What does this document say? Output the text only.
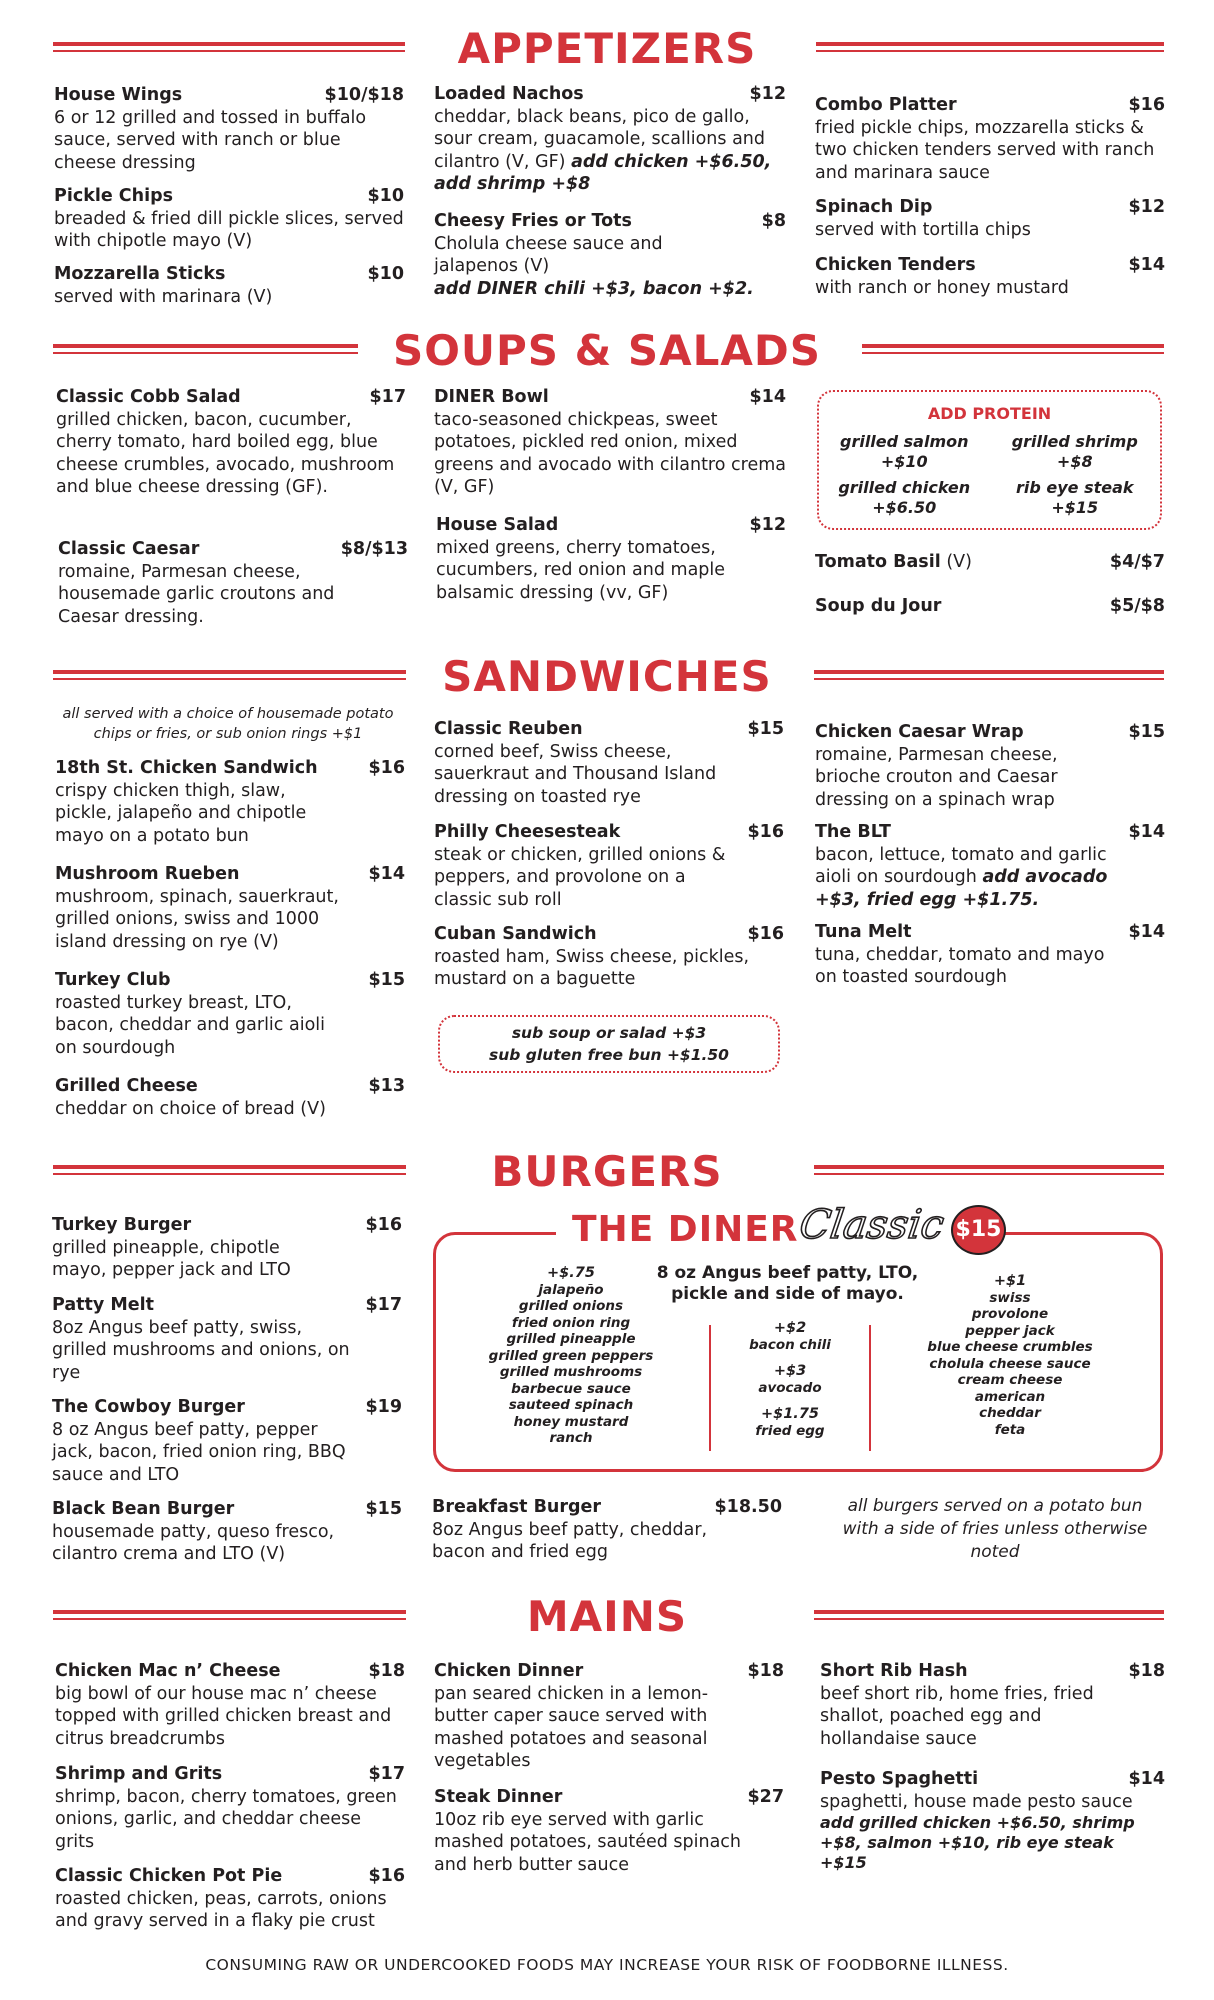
APPETIZERS
House Wings	$10/$18
6 or 12 grilled and tossed in buffalo sauce, served with ranch or blue cheese dressing
Pickle Chips	$10
breaded & fried dill pickle slices, served with chipotle mayo (V)
Mozzarella Sticks	$10
served with marinara (V)
Loaded Nachos	$12
cheddar, black beans, pico de gallo, sour cream, guacamole, scallions and cilantro (V, GF) add chicken +$6.50, add shrimp +$8
Cheesy Fries or Tots	$8
Cholula cheese sauce and jalapenos (V)
add DINER chili +$3, bacon +$2.
Combo Platter	$16
fried pickle chips, mozzarella sticks & two chicken tenders served with ranch and marinara sauce
Spinach Dip	$12
served with tortilla chips
Chicken Tenders	$14
with ranch or honey mustard
SOUPS & SALADS
Classic Cobb Salad	$17
grilled chicken, bacon, cucumber, cherry tomato, hard boiled egg, blue cheese crumbles, avocado, mushroom and blue cheese dressing (GF).
Classic Caesar	$8/$13
romaine, Parmesan cheese, housemade garlic croutons and Caesar dressing.
DINER Bowl	$14
taco-seasoned chickpeas, sweet potatoes, pickled red onion, mixed greens and avocado with cilantro crema (V, GF)
House Salad	$12
mixed greens, cherry tomatoes, cucumbers, red onion and maple balsamic dressing (vv, GF)
ADD PROTEIN
grilled salmon
+$10
grilled shrimp
+$8
grilled chicken
+$6.50
rib eye steak
+$15
Tomato Basil (V)	$4/$7
Soup du Jour	$5/$8
SANDWICHES
all served with a choice of housemade potato chips or fries, or sub onion rings +$1
18th St. Chicken Sandwich	$16
crispy chicken thigh, slaw, pickle, jalapeño and chipotle mayo on a potato bun
Mushroom Rueben	$14
mushroom, spinach, sauerkraut, grilled onions, swiss and 1000 island dressing on rye (V)
Turkey Club	$15
roasted turkey breast, LTO, bacon, cheddar and garlic aioli on sourdough
Grilled Cheese	$13
cheddar on choice of bread (V)
Classic Reuben	$15
corned beef, Swiss cheese, sauerkraut and Thousand Island dressing on toasted rye
Philly Cheesesteak	$16
steak or chicken, grilled onions & peppers, and provolone on a classic sub roll
Cuban Sandwich	$16
roasted ham, Swiss cheese, pickles, mustard on a baguette
sub soup or salad +$3
sub gluten free bun +$1.50
Chicken Caesar Wrap	$15
romaine, Parmesan cheese, brioche crouton and Caesar dressing on a spinach wrap
The BLT	$14
bacon, lettuce, tomato and garlic aioli on sourdough add avocado +$3, fried egg +$1.75.
Tuna Melt	$14
tuna, cheddar, tomato and mayo on toasted sourdough
BURGERS
Turkey Burger	$16
grilled pineapple, chipotle mayo, pepper jack and LTO
Patty Melt	$17
8oz Angus beef patty, swiss, grilled mushrooms and onions, on rye
The Cowboy Burger	$19
8 oz Angus beef patty, pepper jack, bacon, fried onion ring, BBQ sauce and LTO
Black Bean Burger	$15
housemade patty, queso fresco, cilantro crema and LTO (V)
THE DINER
Classic $15
8 oz Angus beef patty, LTO, pickle and side of mayo.
+$.75
jalapeño
grilled onions
fried onion ring
grilled pineapple
grilled green peppers
grilled mushrooms
barbecue sauce
sauteed spinach
honey mustard
ranch
+$2
bacon chili
+$3
avocado
+$1.75
fried egg
+$1
swiss
provolone
pepper jack
blue cheese crumbles
cholula cheese sauce
cream cheese
american
cheddar
feta
Breakfast Burger	$18.50
8oz Angus beef patty, cheddar, bacon and fried egg
all burgers served on a potato bun with a side of fries unless otherwise noted
MAINS
Chicken Mac n’ Cheese	$18
big bowl of our house mac n’ cheese topped with grilled chicken breast and citrus breadcrumbs
Shrimp and Grits	$17
shrimp, bacon, cherry tomatoes, green onions, garlic, and cheddar cheese grits
Classic Chicken Pot Pie	$16
roasted chicken, peas, carrots, onions and gravy served in a flaky pie crust
Chicken Dinner	$18
pan seared chicken in a lemon-butter caper sauce served with mashed potatoes and seasonal vegetables
Steak Dinner	$27
10oz rib eye served with garlic mashed potatoes, sautéed spinach and herb butter sauce
Short Rib Hash	$18
beef short rib, home fries, fried shallot, poached egg and hollandaise sauce
Pesto Spaghetti	$14
spaghetti, house made pesto sauce
add grilled chicken +$6.50, shrimp +$8, salmon +$10, rib eye steak +$15
CONSUMING RAW OR UNDERCOOKED FOODS MAY INCREASE YOUR RISK OF FOODBORNE ILLNESS.
